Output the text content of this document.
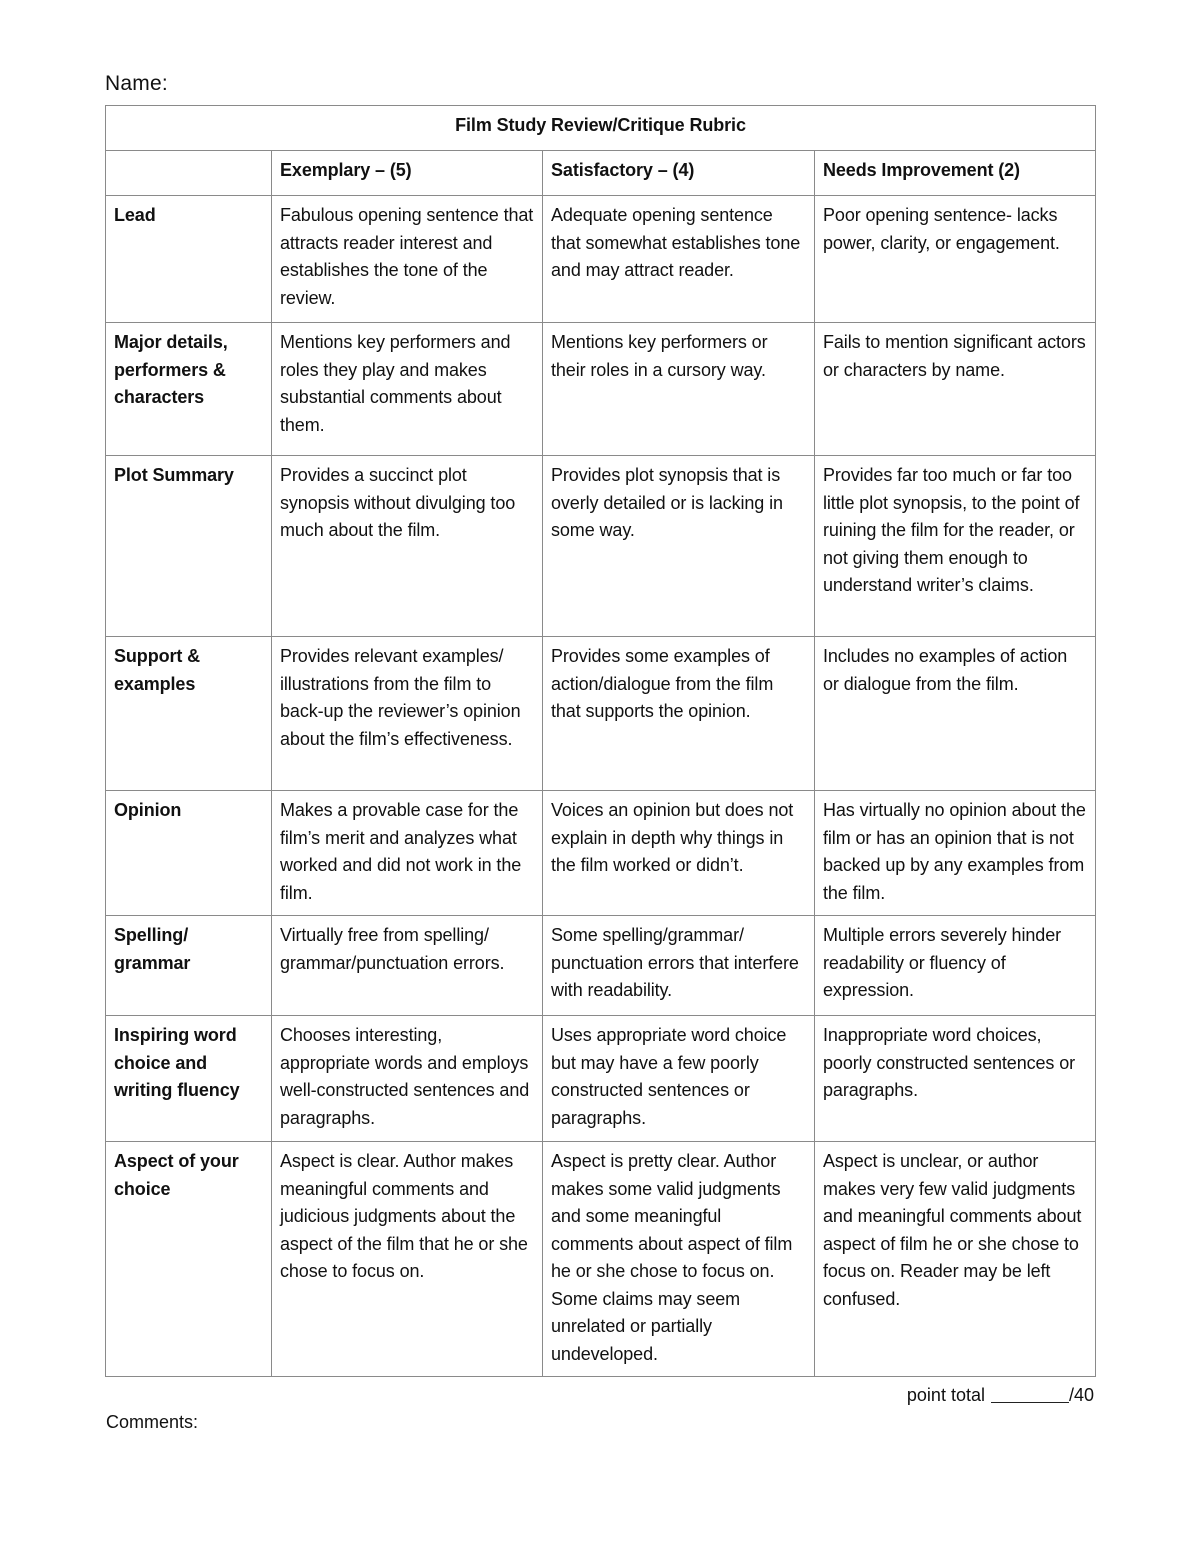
Name:
Film Study Review/Critique Rubric			
	Exemplary – (5)	Satisfactory – (4)	Needs Improvement (2)
Lead	Fabulous opening sentence that attracts reader interest and establishes the tone of the review.	Adequate opening sentence that somewhat establishes tone and may attract reader.	Poor opening sentence- lacks power, clarity, or engagement.
Major details, performers & characters	Mentions key performers and roles they play and makes substantial comments about them.	Mentions key performers or their roles in a cursory way.	Fails to mention significant actors or characters by name.
Plot Summary	Provides a succinct plot synopsis without divulging too much about the film.	Provides plot synopsis that is overly detailed or is lacking in some way.	Provides far too much or far too little plot synopsis, to the point of ruining the film for the reader, or not giving them enough to understand writer’s claims.
Support & examples	Provides relevant examples/ illustrations from the film to back-up the reviewer’s opinion about the film’s effectiveness.	Provides some examples of action/dialogue from the film that supports the opinion.	Includes no examples of action or dialogue from the film.
Opinion	Makes a provable case for the film’s merit and analyzes what worked and did not work in the film.	Voices an opinion but does not explain in depth why things in the film worked or didn’t.	Has virtually no opinion about the film or has an opinion that is not backed up by any examples from the film.
Spelling/ grammar	Virtually free from spelling/ grammar/punctuation errors.	Some spelling/grammar/ punctuation errors that interfere with readability.	Multiple errors severely hinder readability or fluency of expression.
Inspiring word choice and writing fluency	Chooses interesting, appropriate words and employs well-constructed sentences and paragraphs.	Uses appropriate word choice but may have a few poorly constructed sentences or paragraphs.	Inappropriate word choices, poorly constructed sentences or paragraphs.
Aspect of your choice	Aspect is clear. Author makes meaningful comments and judicious judgments about the aspect of the film that he or she chose to focus on.	Aspect is pretty clear. Author makes some valid judgments and some meaningful comments about aspect of film he or she chose to focus on. Some claims may seem unrelated or partially undeveloped.	Aspect is unclear, or author makes very few valid judgments and meaningful comments about aspect of film he or she chose to focus on. Reader may be left confused.
point total	/40
Comments:
